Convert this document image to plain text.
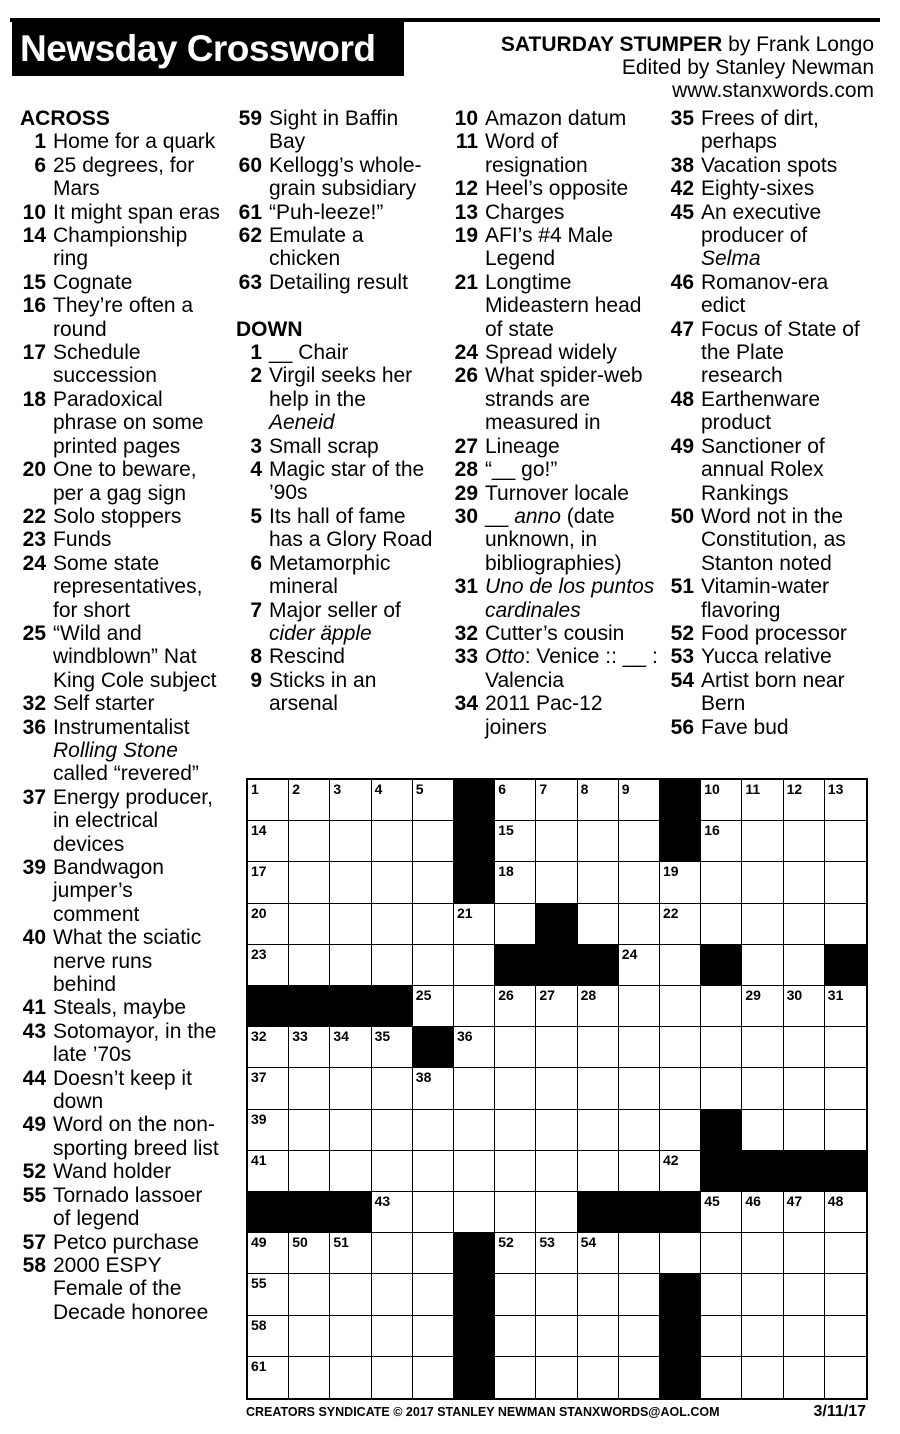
Newsday Crossword	SATURDAY STUMPER by Frank Longo
Edited by Stanley Newman
www.stanxwords.com
ACROSS
1 Home for a quark
6 25 degrees, for Mars
10 It might span eras
14 Championship ring
15 Cognate
16 They’re often a round
17 Schedule succession
18 Paradoxical phrase on some printed pages
20 One to beware, per a gag sign
22 Solo stoppers
23 Funds
24 Some state representatives, for short
25 “Wild and windblown” Nat King Cole subject
32 Self starter
36 Instrumentalist Rolling Stone called “revered”
37 Energy producer, in electrical devices
39 Bandwagon jumper’s comment
40 What the sciatic nerve runs behind
41 Steals, maybe
43 Sotomayor, in the late ’70s
44 Doesn’t keep it down
49 Word on the non-sporting breed list
52 Wand holder
55 Tornado lassoer of legend
57 Petco purchase
58 2000 ESPY Female of the Decade honoree
59 Sight in Baffin Bay
60 Kellogg’s whole-grain subsidiary
61 “Puh-leeze!”
62 Emulate a chicken
63 Detailing result
DOWN
1 __ Chair
2 Virgil seeks her help in the Aeneid
3 Small scrap
4 Magic star of the ’90s
5 Its hall of fame has a Glory Road
6 Metamorphic mineral
7 Major seller of cider äpple
8 Rescind
9 Sticks in an arsenal
10 Amazon datum
11 Word of resignation
12 Heel’s opposite
13 Charges
19 AFI’s #4 Male Legend
21 Longtime Mideastern head of state
24 Spread widely
26 What spider-web strands are measured in
27 Lineage
28 “__ go!”
29 Turnover locale
30 __ anno (date unknown, in bibliographies)
31 Uno de los puntos cardinales
32 Cutter’s cousin
33 Otto: Venice :: __ : Valencia
34 2011 Pac-12 joiners
35 Frees of dirt, perhaps
38 Vacation spots
42 Eighty-sixes
45 An executive producer of Selma
46 Romanov-era edict
47 Focus of State of the Plate research
48 Earthenware product
49 Sanctioner of annual Rolex Rankings
50 Word not in the Constitution, as Stanton noted
51 Vitamin-water flavoring
52 Food processor
53 Yucca relative
54 Artist born near Bern
56 Fave bud
1 2 3 4 5	6 7 8 9	10 11 12 13
14	15	16
17	18	19
20	21	22
23	24
25	26 27 28	29 30 31
32 33 34 35	36
37	38
39
41	42
43	45 46 47 48
49 50 51	52 53 54
55
58
61
CREATORS SYNDICATE © 2017 STANLEY NEWMAN STANXWORDS@AOL.COM	3/11/17
